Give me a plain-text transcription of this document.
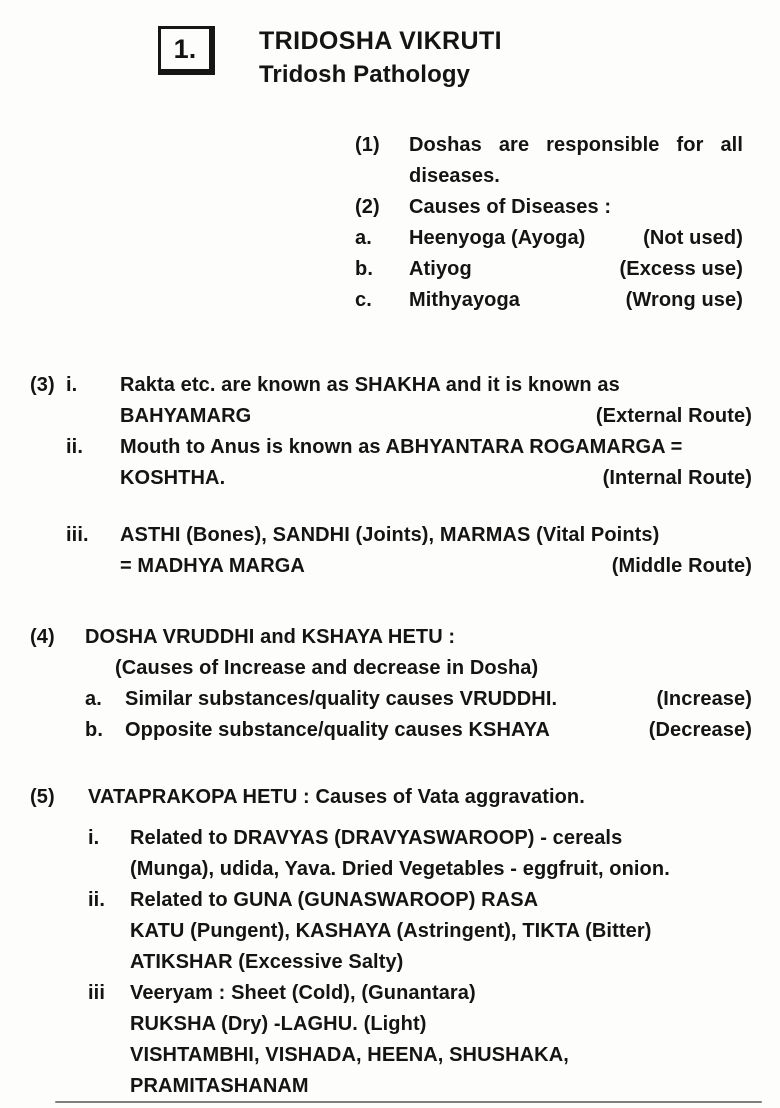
1.	TRIDOSHA VIKRUTI
Tridosh Pathology
(1)	Doshas are responsible for all diseases.
(2)	Causes of Diseases :
a.	Heenyoga (Ayoga)	(Not used)
b.	Atiyog	(Excess use)
c.	Mithyayoga	(Wrong use)
(3) i.	Rakta etc. are known as SHAKHA and it is known as
BAHYAMARG	(External Route)
ii.	Mouth to Anus is known as ABHYANTARA ROGAMARGA =
KOSHTHA.	(Internal Route)
iii.	ASTHI (Bones), SANDHI (Joints), MARMAS (Vital Points)
= MADHYA MARGA	(Middle Route)
(4)	DOSHA VRUDDHI and KSHAYA HETU :
(Causes of Increase and decrease in Dosha)
a.	Similar substances/quality causes VRUDDHI.	(Increase)
b.	Opposite substance/quality causes KSHAYA	(Decrease)
(5)	VATAPRAKOPA HETU : Causes of Vata aggravation.
i.	Related to DRAVYAS (DRAVYASWAROOP) - cereals
(Munga), udida, Yava. Dried Vegetables - eggfruit, onion.
ii.	Related to GUNA (GUNASWAROOP) RASA
KATU (Pungent), KASHAYA (Astringent), TIKTA (Bitter)
ATIKSHAR (Excessive Salty)
iii	Veeryam : Sheet (Cold), (Gunantara)
RUKSHA (Dry) -LAGHU. (Light)
VISHTAMBHI, VISHADA, HEENA, SHUSHAKA,
PRAMITASHANAM
